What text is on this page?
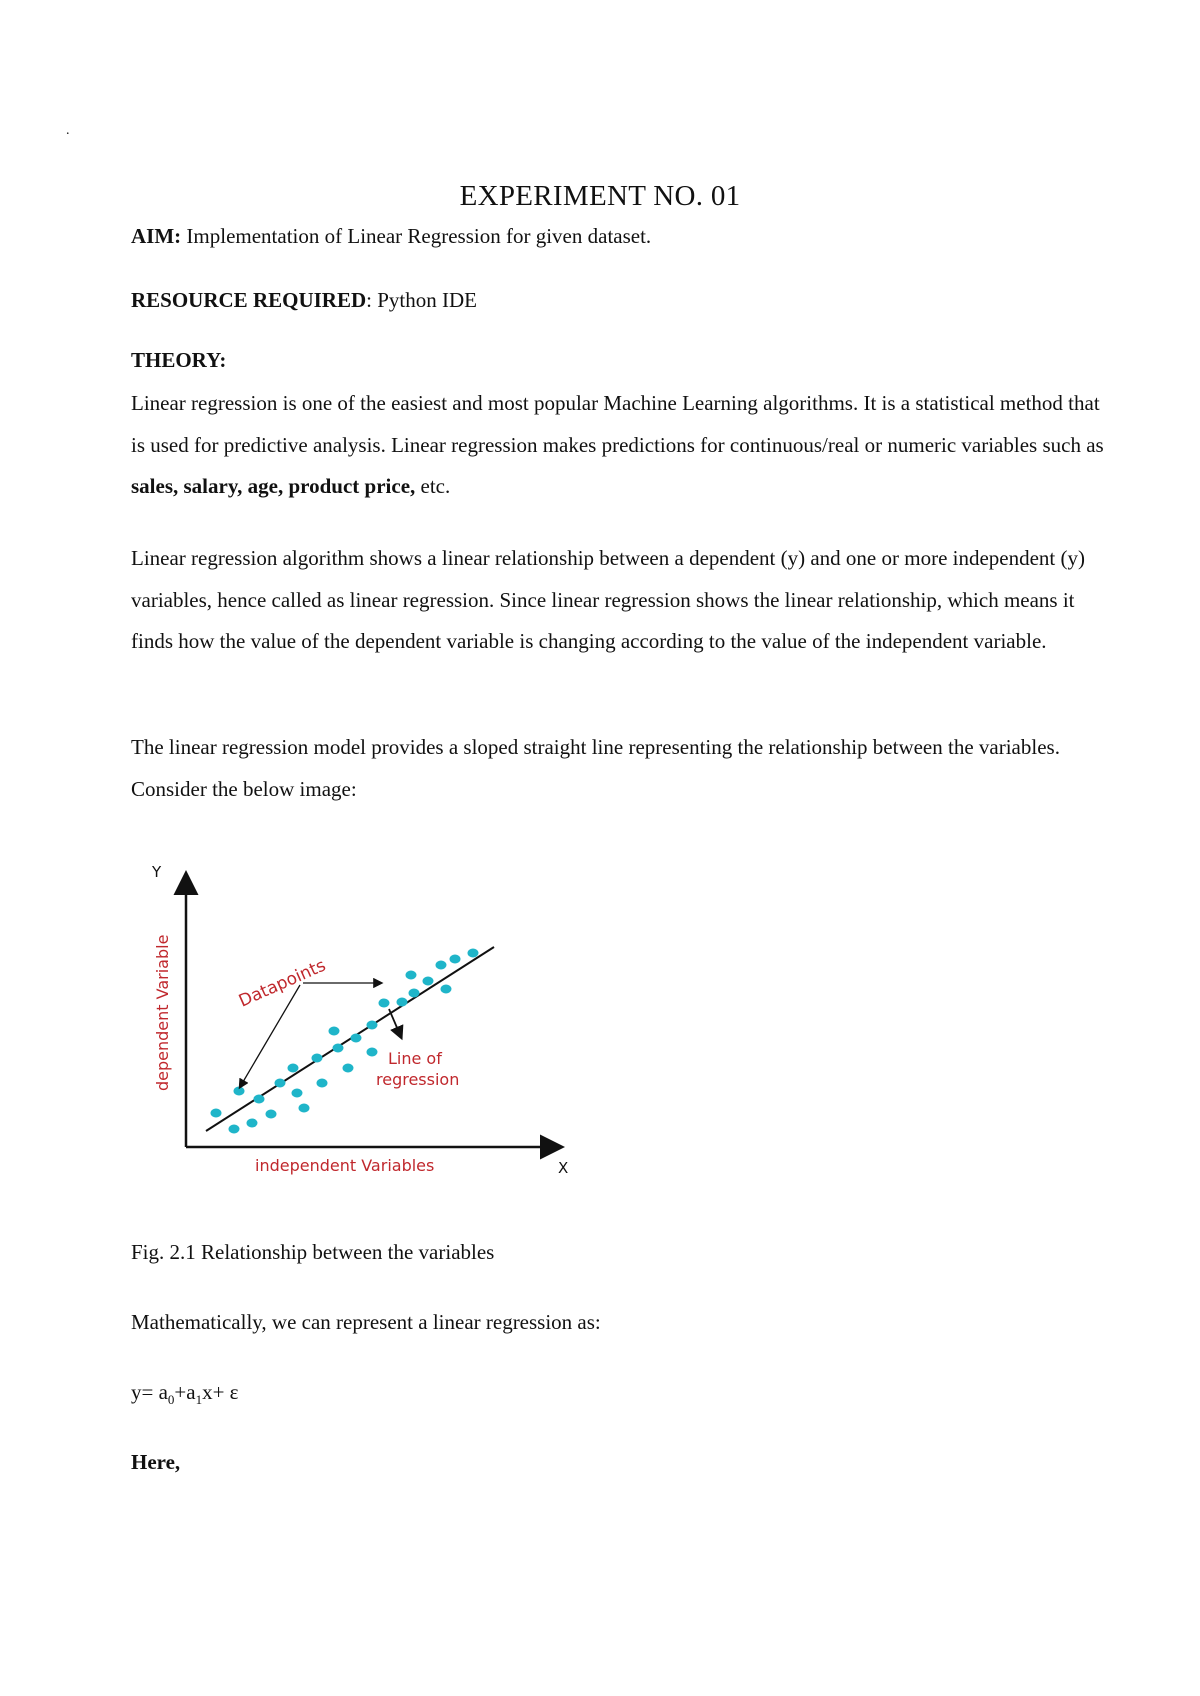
.
EXPERIMENT NO. 01
AIM: Implementation of Linear Regression for given dataset.
RESOURCE REQUIRED: Python IDE
THEORY:

Linear regression is one of the easiest and most popular Machine Learning algorithms. It is a statistical method that is used for predictive analysis. Linear regression makes predictions for continuous/real or numeric variables such as sales, salary, age, product price, etc.

Linear regression algorithm shows a linear relationship between a dependent (y) and one or more independent (y) variables, hence called as linear regression. Since linear regression shows the linear relationship, which means it finds how the value of the dependent variable is changing according to the value of the independent variable.

The linear regression model provides a sloped straight line representing the relationship between the variables. Consider the below image:

Y
X
dependent Variable
independent Variables
Datapoints
Line of
regression
Fig. 2.1 Relationship between the variables
Mathematically, we can represent a linear regression as:
$y= a_0+a_1x+ \varepsilon$
Here,
